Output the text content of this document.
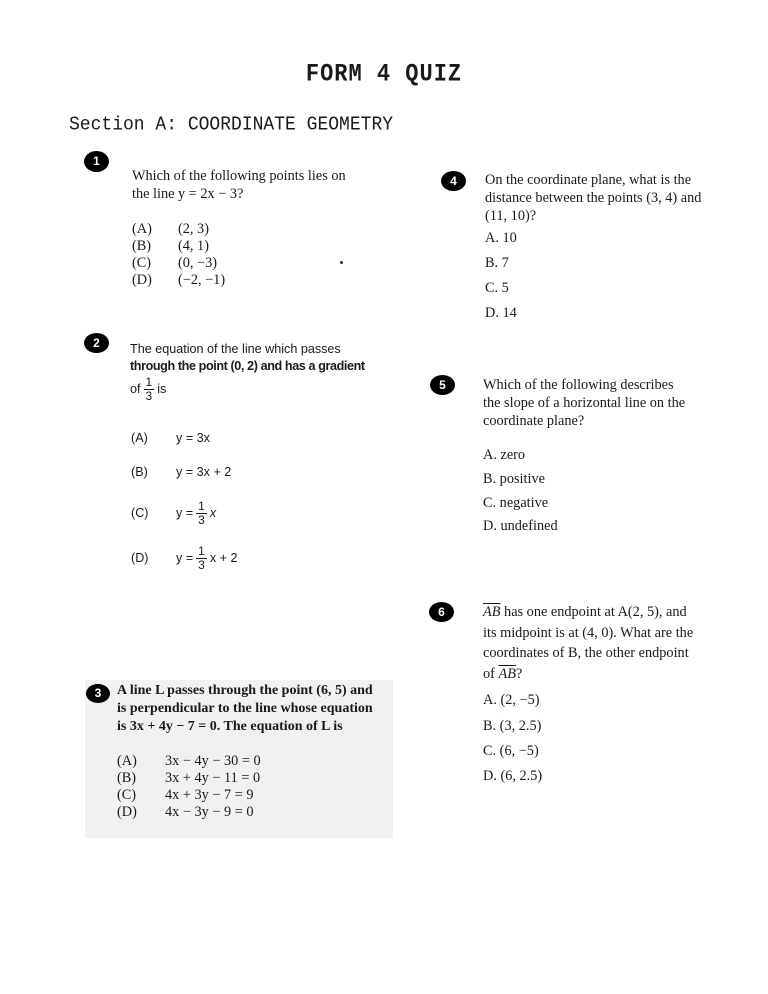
FORM 4 QUIZ
Section A: COORDINATE GEOMETRY
1
Which of the following points lies on
the line y = 2x − 3?
(A) (2, 3)
(B) (4, 1)
(C) (0, −3)
(D) (−2, −1)
2	The equation of the line which passes
through the point (0, 2) and has a gradient
of $\frac{1}{3}$ is
(A) y = 3x
(B) y = 3x + 2
(C) $y = \frac{1}{3}$ x
(D) $y = \frac{1}{3}$ x + 2
3	A line L passes through the point (6, 5) and
is perpendicular to the line whose equation
is 3x + 4y − 7 = 0. The equation of L is
(A) 3x − 4y − 30 = 0
(B) 3x + 4y − 11 = 0
(C) 4x + 3y − 7 = 9
(D) 4x − 3y − 9 = 0
4	On the coordinate plane, what is the
distance between the points (3, 4) and
(11, 10)?
A. 10
B. 7
C. 5
D. 14
5	Which of the following describes
the slope of a horizontal line on the
coordinate plane?
A. zero
B. positive
C. negative
D. undefined
6	$\overline{AB}$ has one endpoint at A(2, 5), and
its midpoint is at (4, 0). What are the
coordinates of B, the other endpoint
of $\overline{AB}$?
A. (2, −5)
B. (3, 2.5)
C. (6, −5)
D. (6, 2.5)
